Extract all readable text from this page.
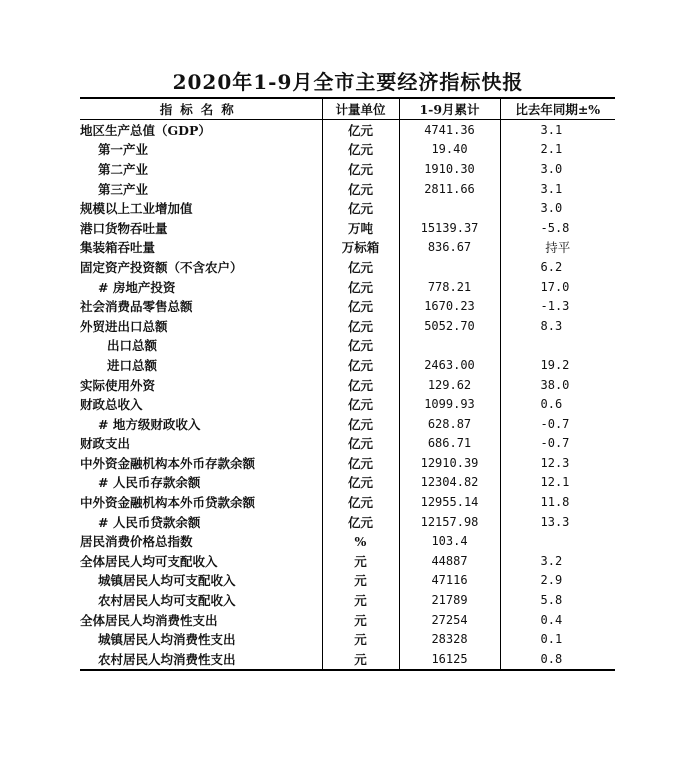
2020年1-9月全市主要经济指标快报
指标名称	计量单位	1-9月累计	比去年同期±%
地区生产总值（GDP）	亿元	4741.36	3.1
第一产业	亿元	19.40	2.1
第二产业	亿元	1910.30	3.0
第三产业	亿元	2811.66	3.1
规模以上工业增加值	亿元		3.0
港口货物吞吐量	万吨	15139.37	-5.8
集装箱吞吐量	万标箱	836.67	持平
固定资产投资额（不含农户）	亿元		6.2
# 房地产投资	亿元	778.21	17.0
社会消费品零售总额	亿元	1670.23	-1.3
外贸进出口总额	亿元	5052.70	8.3
出口总额	亿元		
进口总额	亿元	2463.00	19.2
实际使用外资	亿元	129.62	38.0
财政总收入	亿元	1099.93	0.6
# 地方级财政收入	亿元	628.87	-0.7
财政支出	亿元	686.71	-0.7
中外资金融机构本外币存款余额	亿元	12910.39	12.3
# 人民币存款余额	亿元	12304.82	12.1
中外资金融机构本外币贷款余额	亿元	12955.14	11.8
# 人民币贷款余额	亿元	12157.98	13.3
居民消费价格总指数	%	103.4	
全体居民人均可支配收入	元	44887	3.2
城镇居民人均可支配收入	元	47116	2.9
农村居民人均可支配收入	元	21789	5.8
全体居民人均消费性支出	元	27254	0.4
城镇居民人均消费性支出	元	28328	0.1
农村居民人均消费性支出	元	16125	0.8
